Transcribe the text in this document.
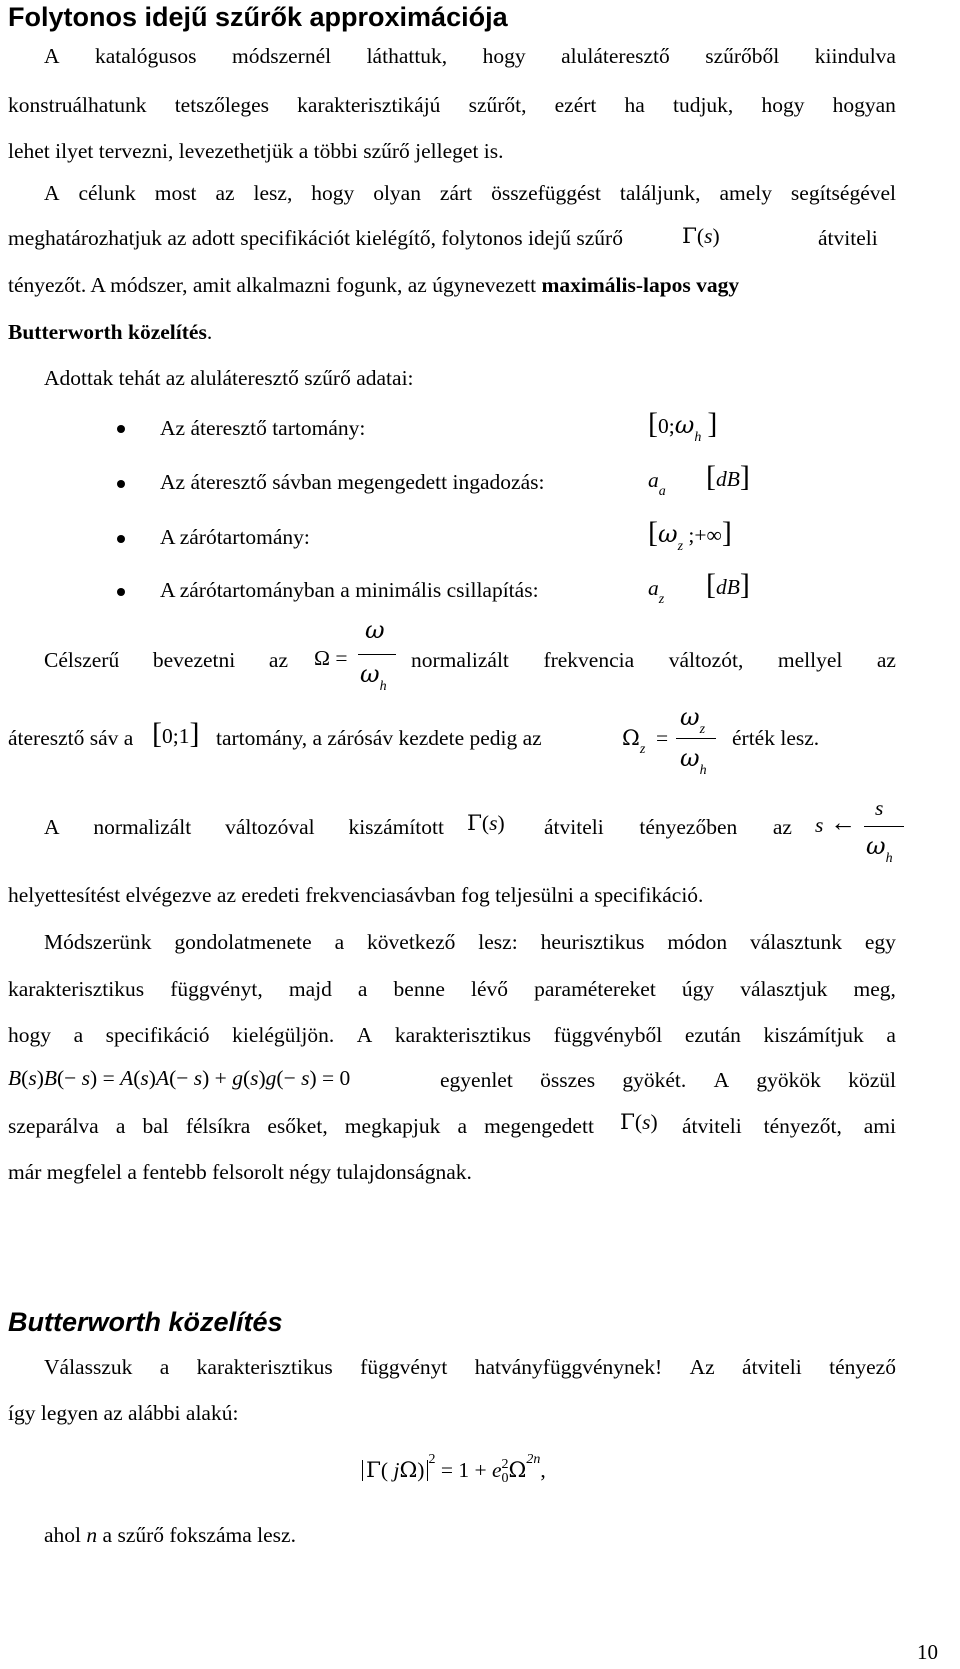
Folytonos idejű szűrők approximációja
A katalógusos módszernél láthattuk, hogy aluláteresztő szűrőből kiindulva
konstruálhatunk tetszőleges karakterisztikájú szűrőt, ezért ha tudjuk, hogy hogyan
lehet ilyet tervezni, levezethetjük a többi szűrő jelleget is.
A célunk most az lesz, hogy olyan zárt összefüggést találjunk, amely segítségével
meghatározhatjuk az adott specifikációt kielégítő, folytonos idejű szűrő	Γ(s)	átviteli
tényezőt. A módszer, amit alkalmazni fogunk, az úgynevezett maximális-lapos vagy
Butterworth közelítés.
Adottak tehát az aluláteresztő szűrő adatai:
Az áteresztő tartomány:	[$0;\omega_h$ ]
Az áteresztő sávban megengedett ingadozás:	$a_a$ [dB]
A zárótartomány:	[$\omega_z$ ;+∞]
A zárótartományban a minimális csillapítás:	$a_z$ [dB]
Célszerű bevezetni az Ω =
ω
$\omega_h$
normalizált frekvencia változót, mellyel az
áteresztő sáv a [0;1] tartomány, a zárósáv kezdete pedig az	$\Omega_z$ =
$\omega_z$
$\omega_h$
érték lesz.
A normalizált változóval kiszámított Γ(s) átviteli tényezőben az s ← s
$\omega_h$
helyettesítést elvégezve az eredeti frekvenciasávban fog teljesülni a specifikáció.
Módszerünk gondolatmenete a következő lesz: heurisztikus módon választunk egy
karakterisztikus függvényt, majd a benne lévő paramétereket úgy választjuk meg,
hogy a specifikáció kielégüljön. A karakterisztikus függvényből ezután kiszámítjuk a
B(s)B(− s) = A(s)A(− s) + g(s)g(− s) = 0	egyenlet összes gyökét. A gyökök közül
szeparálva a bal félsíkra esőket, megkapjuk a megengedett Γ(s) átviteli tényezőt, ami
már megfelel a fentebb felsorolt négy tulajdonságnak.
Butterworth közelítés
Válasszuk a karakterisztikus függvényt hatványfüggvénynek! Az átviteli tényező
így legyen az alábbi alakú:
Γ( jΩ) $^2$ = 1 + e 2
0 $\Omega^{2n}$,
ahol n a szűrő fokszáma lesz.
10
